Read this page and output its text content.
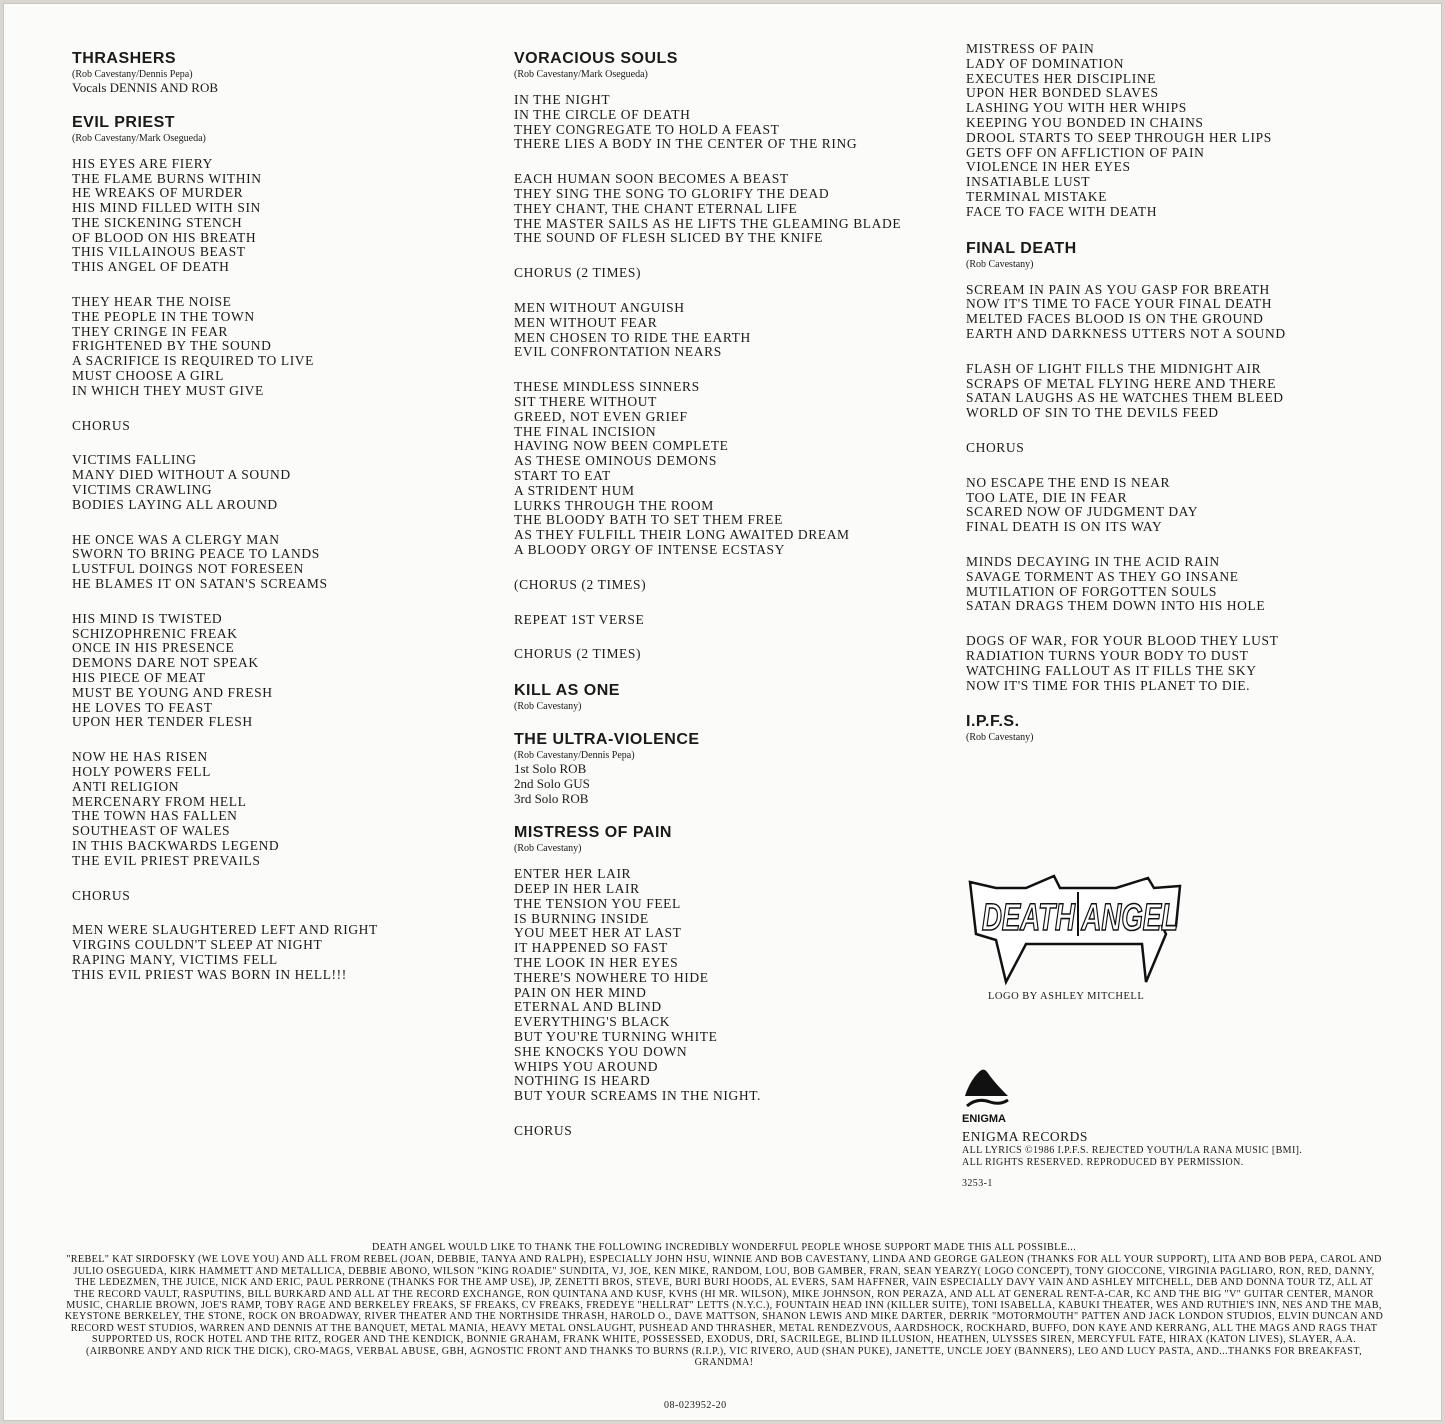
THRASHERS
(Rob Cavestany/Dennis Pepa)
Vocals DENNIS AND ROB
EVIL PRIEST
(Rob Cavestany/Mark Osegueda)
HIS EYES ARE FIERY
THE FLAME BURNS WITHIN
HE WREAKS OF MURDER
HIS MIND FILLED WITH SIN
THE SICKENING STENCH
OF BLOOD ON HIS BREATH
THIS VILLAINOUS BEAST
THIS ANGEL OF DEATH
THEY HEAR THE NOISE
THE PEOPLE IN THE TOWN
THEY CRINGE IN FEAR
FRIGHTENED BY THE SOUND
A SACRIFICE IS REQUIRED TO LIVE
MUST CHOOSE A GIRL
IN WHICH THEY MUST GIVE
CHORUS
VICTIMS FALLING
MANY DIED WITHOUT A SOUND
VICTIMS CRAWLING
BODIES LAYING ALL AROUND
HE ONCE WAS A CLERGY MAN
SWORN TO BRING PEACE TO LANDS
LUSTFUL DOINGS NOT FORESEEN
HE BLAMES IT ON SATAN'S SCREAMS
HIS MIND IS TWISTED
SCHIZOPHRENIC FREAK
ONCE IN HIS PRESENCE
DEMONS DARE NOT SPEAK
HIS PIECE OF MEAT
MUST BE YOUNG AND FRESH
HE LOVES TO FEAST
UPON HER TENDER FLESH
NOW HE HAS RISEN
HOLY POWERS FELL
ANTI RELIGION
MERCENARY FROM HELL
THE TOWN HAS FALLEN
SOUTHEAST OF WALES
IN THIS BACKWARDS LEGEND
THE EVIL PRIEST PREVAILS
CHORUS
MEN WERE SLAUGHTERED LEFT AND RIGHT
VIRGINS COULDN'T SLEEP AT NIGHT
RAPING MANY, VICTIMS FELL
THIS EVIL PRIEST WAS BORN IN HELL!!!
VORACIOUS SOULS
(Rob Cavestany/Mark Osegueda)
IN THE NIGHT
IN THE CIRCLE OF DEATH
THEY CONGREGATE TO HOLD A FEAST
THERE LIES A BODY IN THE CENTER OF THE RING
EACH HUMAN SOON BECOMES A BEAST
THEY SING THE SONG TO GLORIFY THE DEAD
THEY CHANT, THE CHANT ETERNAL LIFE
THE MASTER SAILS AS HE LIFTS THE GLEAMING BLADE
THE SOUND OF FLESH SLICED BY THE KNIFE
CHORUS (2 TIMES)
MEN WITHOUT ANGUISH
MEN WITHOUT FEAR
MEN CHOSEN TO RIDE THE EARTH
EVIL CONFRONTATION NEARS
THESE MINDLESS SINNERS
SIT THERE WITHOUT
GREED, NOT EVEN GRIEF
THE FINAL INCISION
HAVING NOW BEEN COMPLETE
AS THESE OMINOUS DEMONS
START TO EAT
A STRIDENT HUM
LURKS THROUGH THE ROOM
THE BLOODY BATH TO SET THEM FREE
AS THEY FULFILL THEIR LONG AWAITED DREAM
A BLOODY ORGY OF INTENSE ECSTASY
(CHORUS (2 TIMES)
REPEAT 1ST VERSE
CHORUS (2 TIMES)
KILL AS ONE
(Rob Cavestany)
THE ULTRA-VIOLENCE
(Rob Cavestany/Dennis Pepa)
1st Solo ROB
2nd Solo GUS
3rd Solo ROB
MISTRESS OF PAIN
(Rob Cavestany)
ENTER HER LAIR
DEEP IN HER LAIR
THE TENSION YOU FEEL
IS BURNING INSIDE
YOU MEET HER AT LAST
IT HAPPENED SO FAST
THE LOOK IN HER EYES
THERE'S NOWHERE TO HIDE
PAIN ON HER MIND
ETERNAL AND BLIND
EVERYTHING'S BLACK
BUT YOU'RE TURNING WHITE
SHE KNOCKS YOU DOWN
WHIPS YOU AROUND
NOTHING IS HEARD
BUT YOUR SCREAMS IN THE NIGHT.
CHORUS
MISTRESS OF PAIN
LADY OF DOMINATION
EXECUTES HER DISCIPLINE
UPON HER BONDED SLAVES
LASHING YOU WITH HER WHIPS
KEEPING YOU BONDED IN CHAINS
DROOL STARTS TO SEEP THROUGH HER LIPS
GETS OFF ON AFFLICTION OF PAIN
VIOLENCE IN HER EYES
INSATIABLE LUST
TERMINAL MISTAKE
FACE TO FACE WITH DEATH
FINAL DEATH
(Rob Cavestany)
SCREAM IN PAIN AS YOU GASP FOR BREATH
NOW IT'S TIME TO FACE YOUR FINAL DEATH
MELTED FACES BLOOD IS ON THE GROUND
EARTH AND DARKNESS UTTERS NOT A SOUND
FLASH OF LIGHT FILLS THE MIDNIGHT AIR
SCRAPS OF METAL FLYING HERE AND THERE
SATAN LAUGHS AS HE WATCHES THEM BLEED
WORLD OF SIN TO THE DEVILS FEED
CHORUS
NO ESCAPE THE END IS NEAR
TOO LATE, DIE IN FEAR
SCARED NOW OF JUDGMENT DAY
FINAL DEATH IS ON ITS WAY
MINDS DECAYING IN THE ACID RAIN
SAVAGE TORMENT AS THEY GO INSANE
MUTILATION OF FORGOTTEN SOULS
SATAN DRAGS THEM DOWN INTO HIS HOLE
DOGS OF WAR, FOR YOUR BLOOD THEY LUST
RADIATION TURNS YOUR BODY TO DUST
WATCHING FALLOUT AS IT FILLS THE SKY
NOW IT'S TIME FOR THIS PLANET TO DIE.
I.P.F.S.
(Rob Cavestany)
DEATH ANGEL
LOGO BY ASHLEY MITCHELL
ENIGMA
ENIGMA RECORDS
ALL LYRICS ©1986 I.P.F.S. REJECTED YOUTH/LA RANA MUSIC [BMI].
ALL RIGHTS RESERVED. REPRODUCED BY PERMISSION.
3253-1
DEATH ANGEL WOULD LIKE TO THANK THE FOLLOWING INCREDIBLY WONDERFUL PEOPLE WHOSE SUPPORT MADE THIS ALL POSSIBLE...
"REBEL" KAT SIRDOFSKY (WE LOVE YOU) AND ALL FROM REBEL (JOAN, DEBBIE, TANYA AND RALPH), ESPECIALLY JOHN HSU, WINNIE AND BOB CAVESTANY, LINDA AND GEORGE GALEON (THANKS FOR ALL YOUR SUPPORT), LITA AND BOB PEPA, CAROL AND JULIO OSEGUEDA, KIRK HAMMETT AND METALLICA, DEBBIE ABONO, WILSON "KING ROADIE" SUNDITA, VJ, JOE, KEN MIKE, RANDOM, LOU, BOB GAMBER, FRAN, SEAN YEARZY( LOGO CONCEPT), TONY GIOCCONE, VIRGINIA PAGLIARO, RON, RED, DANNY, THE LEDEZMEN, THE JUICE, NICK AND ERIC, PAUL PERRONE (THANKS FOR THE AMP USE), JP, ZENETTI BROS, STEVE, BURI BURI HOODS, AL EVERS, SAM HAFFNER, VAIN ESPECIALLY DAVY VAIN AND ASHLEY MITCHELL, DEB AND DONNA TOUR TZ, ALL AT THE RECORD VAULT, RASPUTINS, BILL BURKARD AND ALL AT THE RECORD EXCHANGE, RON QUINTANA AND KUSF, KVHS (HI MR. WILSON), MIKE JOHNSON, RON PERAZA, AND ALL AT GENERAL RENT-A-CAR, KC AND THE BIG "V" GUITAR CENTER, MANOR MUSIC, CHARLIE BROWN, JOE'S RAMP, TOBY RAGE AND BERKELEY FREAKS, SF FREAKS, CV FREAKS, FREDEYE "HELLRAT" LETTS (N.Y.C.), FOUNTAIN HEAD INN (KILLER SUITE), TONI ISABELLA, KABUKI THEATER, WES AND RUTHIE'S INN, NES AND THE MAB, KEYSTONE BERKELEY, THE STONE, ROCK ON BROADWAY, RIVER THEATER AND THE NORTHSIDE THRASH, HAROLD O., DAVE MATTSON, SHANON LEWIS AND MIKE DARTER, DERRIK "MOTORMOUTH" PATTEN AND JACK LONDON STUDIOS, ELVIN DUNCAN AND RECORD WEST STUDIOS, WARREN AND DENNIS AT THE BANQUET, METAL MANIA, HEAVY METAL ONSLAUGHT, PUSHEAD AND THRASHER, METAL RENDEZVOUS, AARDSHOCK, ROCKHARD, BUFFO, DON KAYE AND KERRANG, ALL THE MAGS AND RAGS THAT SUPPORTED US, ROCK HOTEL AND THE RITZ, ROGER AND THE KENDICK, BONNIE GRAHAM, FRANK WHITE, POSSESSED, EXODUS, DRI, SACRILEGE, BLIND ILLUSION, HEATHEN, ULYSSES SIREN, MERCYFUL FATE, HIRAX (KATON LIVES), SLAYER, A.A. (AIRBONRE ANDY AND RICK THE DICK), CRO-MAGS, VERBAL ABUSE, GBH, AGNOSTIC FRONT AND THANKS TO BURNS (R.I.P.), VIC RIVERO, AUD (SHAN PUKE), JANETTE, UNCLE JOEY (BANNERS), LEO AND LUCY PASTA, AND...THANKS FOR BREAKFAST, GRANDMA!
08-023952-20
